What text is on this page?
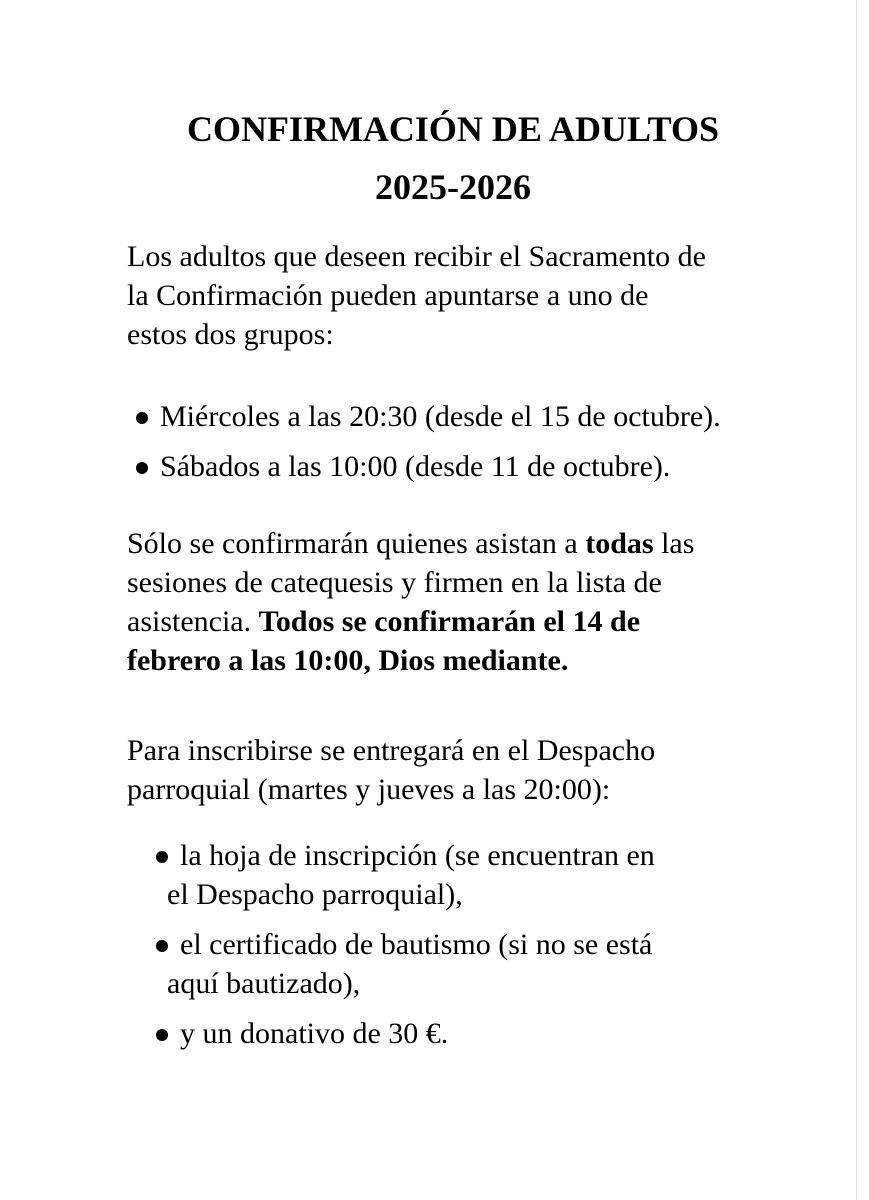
CONFIRMACIÓN DE ADULTOS
2025-2026
Los adultos que deseen recibir el Sacramento de
la Confirmación pueden apuntarse a uno de
estos dos grupos:
Miércoles a las 20:30 (desde el 15 de octubre).
Sábados a las 10:00 (desde 11 de octubre).
Sólo se confirmarán quienes asistan a todas las
sesiones de catequesis y firmen en la lista de
asistencia. Todos se confirmarán el 14 de
febrero a las 10:00, Dios mediante.
Para inscribirse se entregará en el Despacho
parroquial (martes y jueves a las 20:00):
la hoja de inscripción (se encuentran en
el Despacho parroquial),
el certificado de bautismo (si no se está
aquí bautizado),
y un donativo de 30 €.
